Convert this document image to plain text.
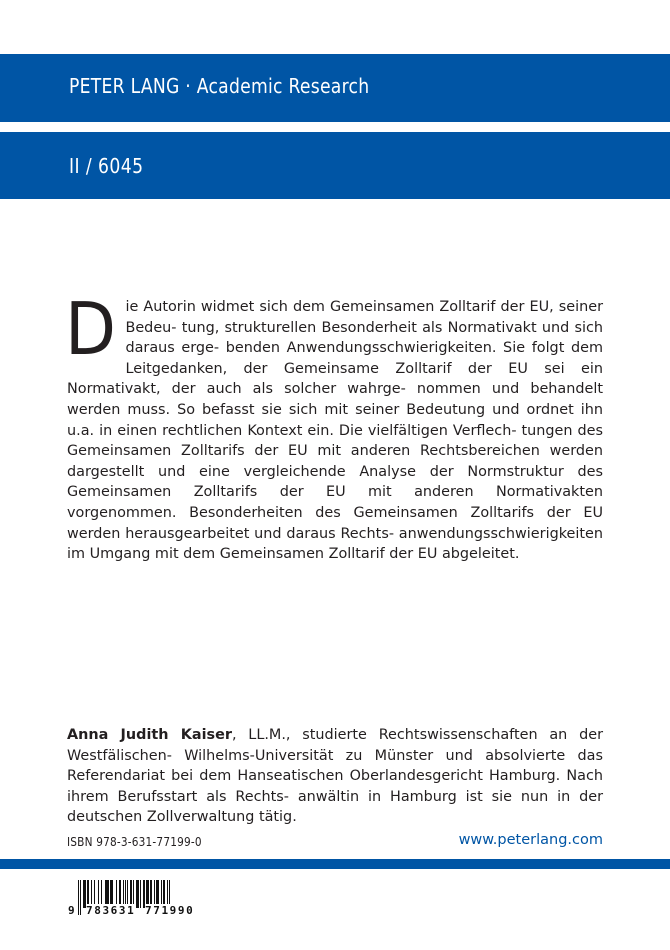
PETER LANG · Academic Research
II / 6045

Die Autorin widmet sich dem Gemeinsamen Zolltarif der EU, seiner Bedeu- tung, strukturellen Besonderheit als Normativakt und sich daraus erge- benden Anwendungsschwierigkeiten. Sie folgt dem Leitgedanken, der Gemeinsame Zolltarif der EU sei ein Normativakt, der auch als solcher wahrge- nommen und behandelt werden muss. So befasst sie sich mit seiner Bedeutung und ordnet ihn u.a. in einen rechtlichen Kontext ein. Die vielfältigen Verflech- tungen des Gemeinsamen Zolltarifs der EU mit anderen Rechtsbereichen werden dargestellt und eine vergleichende Analyse der Normstruktur des Gemeinsamen Zolltarifs der EU mit anderen Normativakten vorgenommen. Besonderheiten des Gemeinsamen Zolltarifs der EU werden herausgearbeitet und daraus Rechts- anwendungsschwierigkeiten im Umgang mit dem Gemeinsamen Zolltarif der EU abgeleitet.

Anna Judith Kaiser, LL.M., studierte Rechtswissenschaften an der Westfälischen- Wilhelms-Universität zu Münster und absolvierte das Referendariat bei dem Hanseatischen Oberlandesgericht Hamburg. Nach ihrem Berufsstart als Rechts- anwältin in Hamburg ist sie nun in der deutschen Zollverwaltung tätig.

ISBN 978-3-631-77199-0	www.peterlang.com
9 783631 771990
